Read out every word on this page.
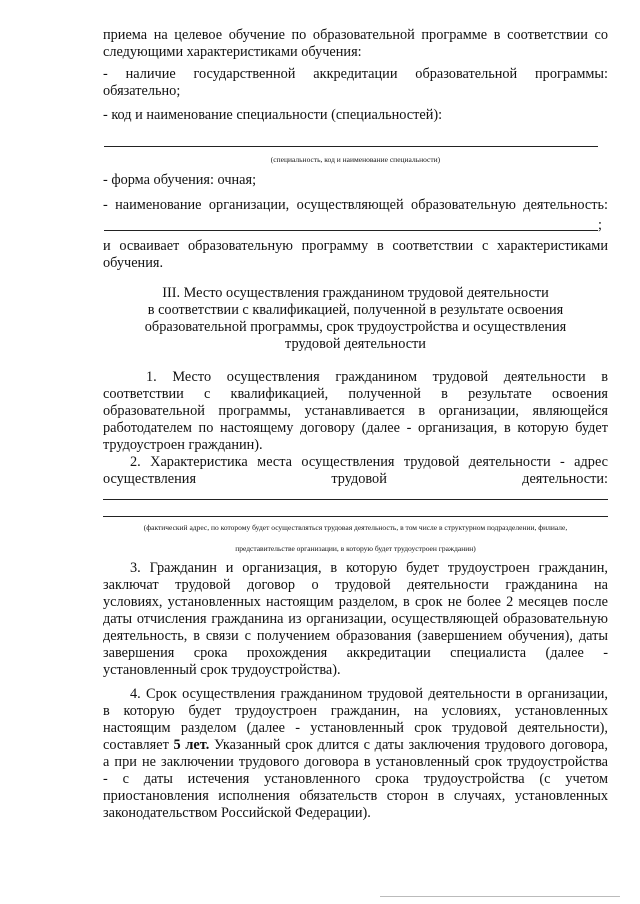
приема на целевое обучение по образовательной программе в соответствии со
следующими характеристиками обучения:
- наличие государственной аккредитации образовательной программы:
обязательно;
- код и наименование специальности (специальностей):
(специальность, код и наименование специальности)
- форма обучения: очная;
- наименование организации, осуществляющей образовательную деятельность:
;
и осваивает образовательную программу в соответствии с характеристиками
обучения.
III. Место осуществления гражданином трудовой деятельности
в соответствии с квалификацией, полученной в результате освоения
образовательной программы, срок трудоустройства и осуществления
трудовой деятельности
1. Место осуществления гражданином трудовой деятельности в
соответствии с квалификацией, полученной в результате освоения
образовательной программы, устанавливается в организации, являющейся
работодателем по настоящему договору (далее - организация, в которую будет
трудоустроен гражданин).
2. Характеристика места осуществления трудовой деятельности - адрес
осуществления трудовой деятельности:
(фактический адрес, по которому будет осуществляться трудовая деятельность, в том числе в структурном подразделении, филиале,
представительстве организации, в которую будет трудоустроен гражданин)
3. Гражданин и организация, в которую будет трудоустроен гражданин,
заключат трудовой договор о трудовой деятельности гражданина на
условиях, установленных настоящим разделом, в срок не более 2 месяцев после
даты отчисления гражданина из организации, осуществляющей образовательную
деятельность, в связи с получением образования (завершением обучения), даты
завершения срока прохождения аккредитации специалиста (далее -
установленный срок трудоустройства).
4. Срок осуществления гражданином трудовой деятельности в организации,
в которую будет трудоустроен гражданин, на условиях, установленных
настоящим разделом (далее - установленный срок трудовой деятельности),
составляет 5 лет. Указанный срок длится с даты заключения трудового договора,
а при не заключении трудового договора в установленный срок трудоустройства
- с даты истечения установленного срока трудоустройства (с учетом
приостановления исполнения обязательств сторон в случаях, установленных
законодательством Российской Федерации).
